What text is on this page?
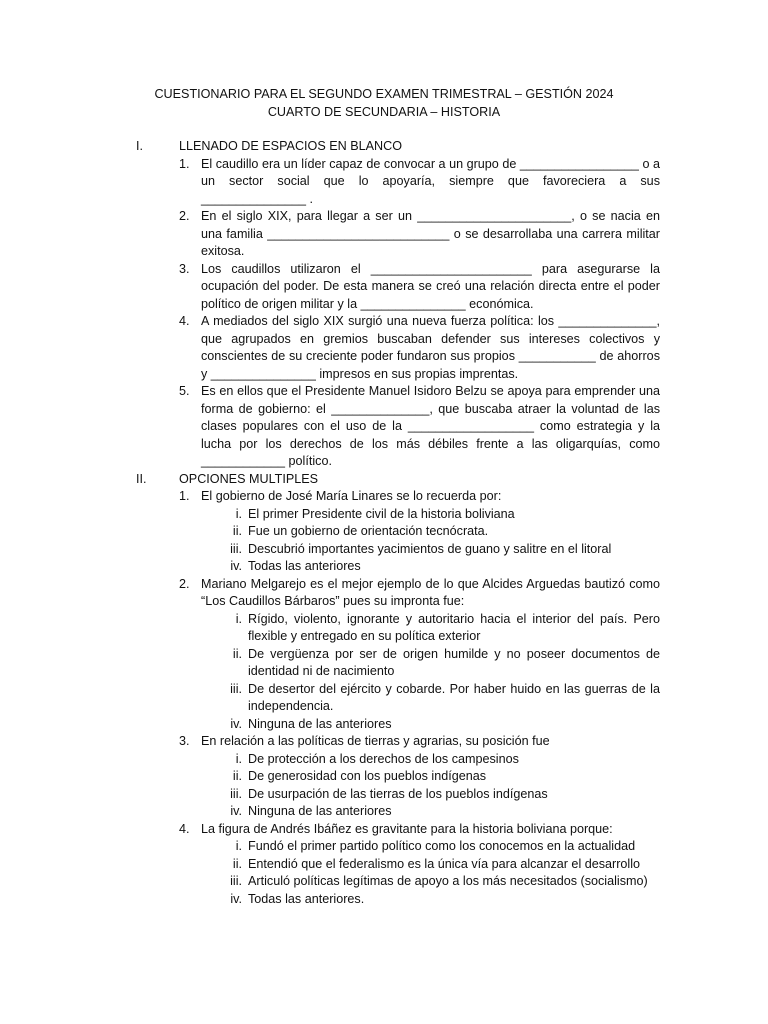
CUESTIONARIO PARA EL SEGUNDO EXAMEN TRIMESTRAL – GESTIÓN 2024
CUARTO DE SECUNDARIA – HISTORIA
I.	LLENADO DE ESPACIOS EN BLANCO
1. El caudillo era un líder capaz de convocar a un grupo de _________________ o a un sector social que lo apoyaría, siempre que favoreciera a sus _______________ .
2. En el siglo XIX, para llegar a ser un ______________________, o se nacia en una familia __________________________ o se desarrollaba una carrera militar exitosa.
3. Los caudillos utilizaron el _______________________ para asegurarse la ocupación del poder. De esta manera se creó una relación directa entre el poder político de origen militar y la _______________ económica.
4. A mediados del siglo XIX surgió una nueva fuerza política: los ______________, que agrupados en gremios buscaban defender sus intereses colectivos y conscientes de su creciente poder fundaron sus propios ___________ de ahorros y _______________ impresos en sus propias imprentas.
5. Es en ellos que el Presidente Manuel Isidoro Belzu se apoya para emprender una forma de gobierno: el ______________, que buscaba atraer la voluntad de las clases populares con el uso de la __________________ como estrategia y la lucha por los derechos de los más débiles frente a las oligarquías, como ____________ político.
II.	OPCIONES MULTIPLES
1. El gobierno de José María Linares se lo recuerda por:
i. El primer Presidente civil de la historia boliviana
ii. Fue un gobierno de orientación tecnócrata.
iii. Descubrió importantes yacimientos de guano y salitre en el litoral
iv. Todas las anteriores
2. Mariano Melgarejo es el mejor ejemplo de lo que Alcides Arguedas bautizó como “Los Caudillos Bárbaros” pues su impronta fue:
i. Rígido, violento, ignorante y autoritario hacia el interior del país. Pero flexible y entregado en su política exterior
ii. De vergüenza por ser de origen humilde y no poseer documentos de identidad ni de nacimiento
iii. De desertor del ejército y cobarde. Por haber huido en las guerras de la independencia.
iv. Ninguna de las anteriores
3. En relación a las políticas de tierras y agrarias, su posición fue
i. De protección a los derechos de los campesinos
ii. De generosidad con los pueblos indígenas
iii. De usurpación de las tierras de los pueblos indígenas
iv. Ninguna de las anteriores
4. La figura de Andrés Ibáñez es gravitante para la historia boliviana porque:
i. Fundó el primer partido político como los conocemos en la actualidad
ii. Entendió que el federalismo es la única vía para alcanzar el desarrollo
iii. Articuló políticas legítimas de apoyo a los más necesitados (socialismo)
iv. Todas las anteriores.
